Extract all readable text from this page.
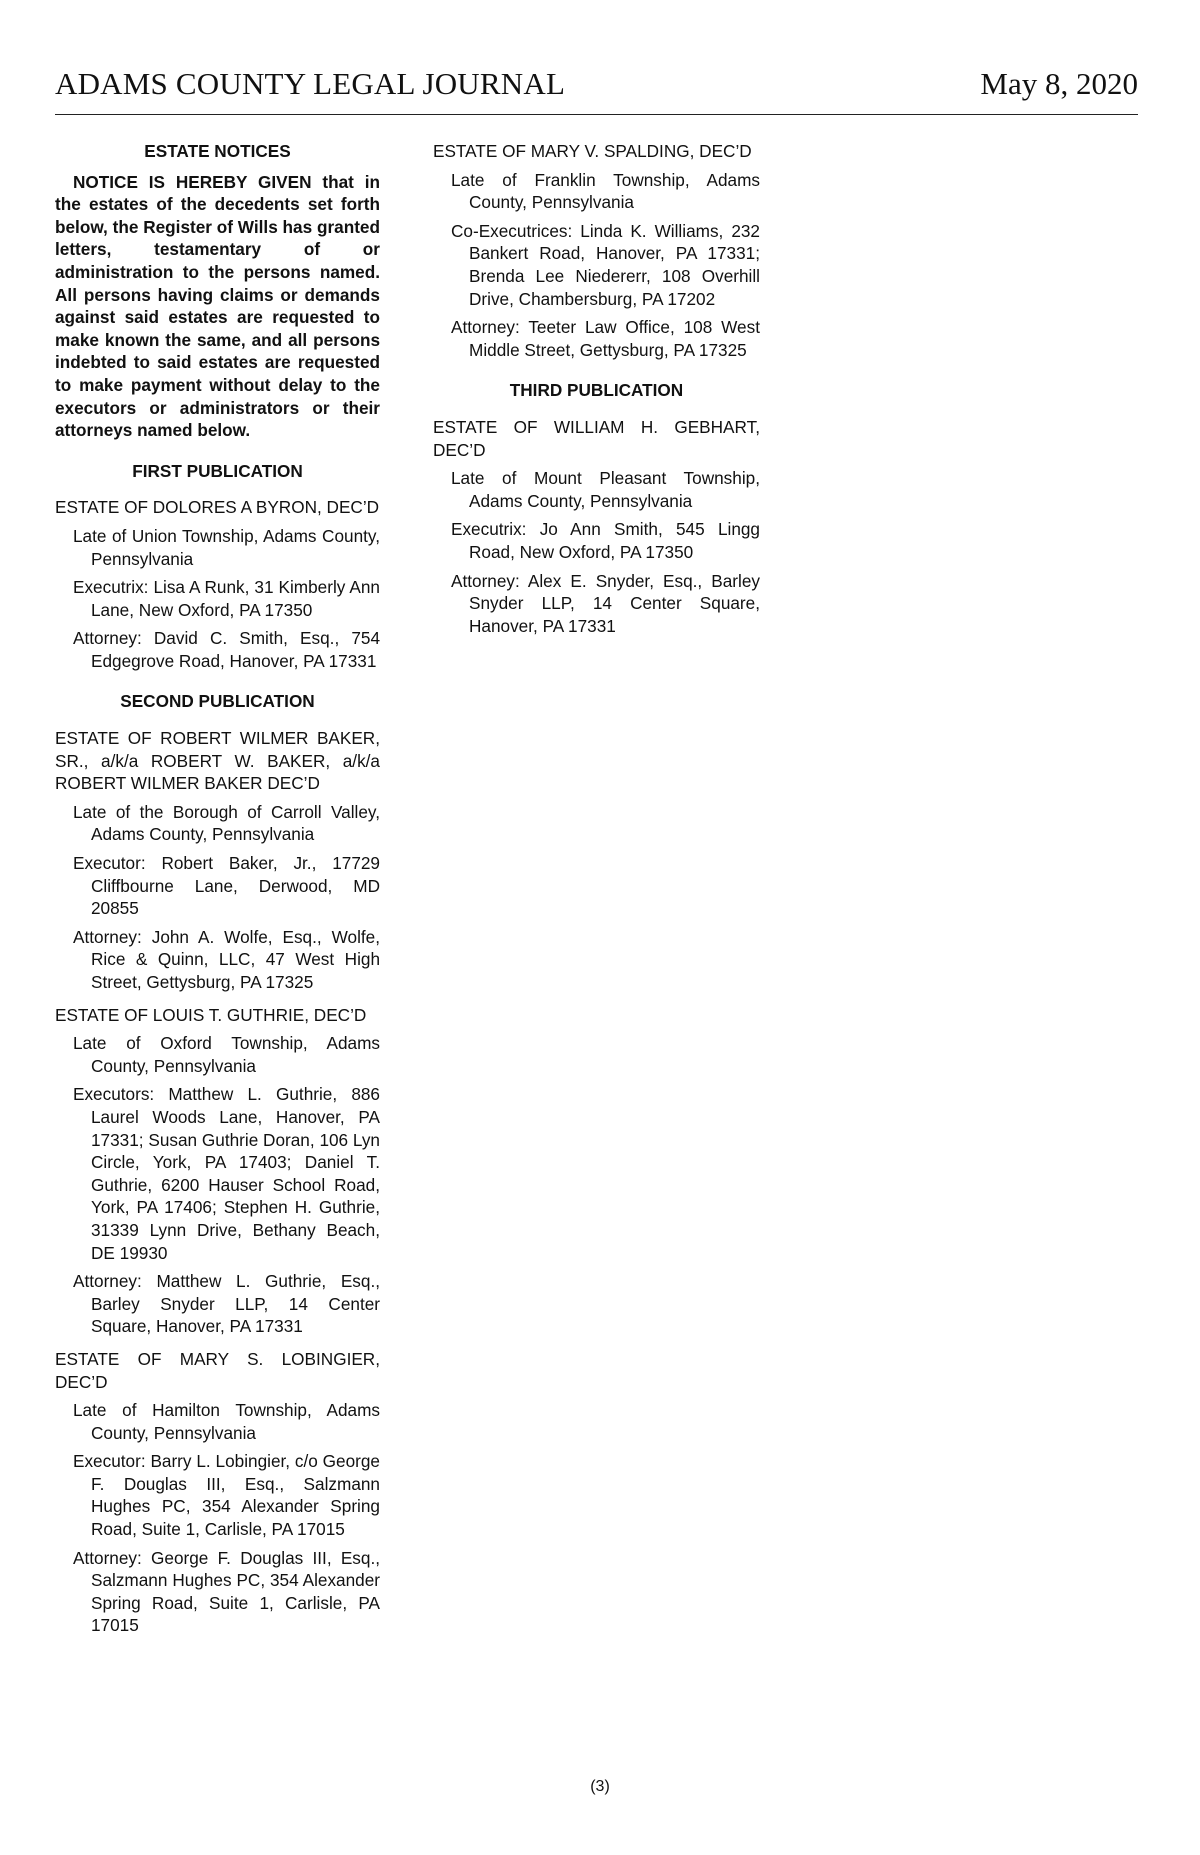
ADAMS COUNTY LEGAL JOURNAL	May 8, 2020
ESTATE NOTICES
NOTICE IS HEREBY GIVEN that in the estates of the decedents set forth below, the Register of Wills has granted letters, testamentary of or administration to the persons named. All persons having claims or demands against said estates are requested to make known the same, and all persons indebted to said estates are requested to make payment without delay to the executors or administrators or their attorneys named below.
FIRST PUBLICATION
ESTATE OF DOLORES A BYRON, DEC’D
Late of Union Township, Adams County, Pennsylvania
Executrix: Lisa A Runk, 31 Kimberly Ann Lane, New Oxford, PA 17350
Attorney: David C. Smith, Esq., 754 Edgegrove Road, Hanover, PA 17331
SECOND PUBLICATION
ESTATE OF ROBERT WILMER BAKER, SR., a/k/a ROBERT W. BAKER, a/k/a ROBERT WILMER BAKER DEC’D
Late of the Borough of Carroll Valley, Adams County, Pennsylvania
Executor: Robert Baker, Jr., 17729 Cliffbourne Lane, Derwood, MD 20855
Attorney: John A. Wolfe, Esq., Wolfe, Rice & Quinn, LLC, 47 West High Street, Gettysburg, PA 17325
ESTATE OF LOUIS T. GUTHRIE, DEC’D
Late of Oxford Township, Adams County, Pennsylvania
Executors: Matthew L. Guthrie, 886 Laurel Woods Lane, Hanover, PA 17331; Susan Guthrie Doran, 106 Lyn Circle, York, PA 17403; Daniel T. Guthrie, 6200 Hauser School Road, York, PA 17406; Stephen H. Guthrie, 31339 Lynn Drive, Bethany Beach, DE 19930
Attorney: Matthew L. Guthrie, Esq., Barley Snyder LLP, 14 Center Square, Hanover, PA 17331
ESTATE OF MARY S. LOBINGIER, DEC’D
Late of Hamilton Township, Adams County, Pennsylvania
Executor: Barry L. Lobingier, c/o George F. Douglas III, Esq., Salzmann Hughes PC, 354 Alexander Spring Road, Suite 1, Carlisle, PA 17015
Attorney: George F. Douglas III, Esq., Salzmann Hughes PC, 354 Alexander Spring Road, Suite 1, Carlisle, PA 17015
ESTATE OF MARY V. SPALDING, DEC’D
Late of Franklin Township, Adams County, Pennsylvania
Co-Executrices: Linda K. Williams, 232 Bankert Road, Hanover, PA 17331; Brenda Lee Niedererr, 108 Overhill Drive, Chambersburg, PA 17202
Attorney: Teeter Law Office, 108 West Middle Street, Gettysburg, PA 17325
THIRD PUBLICATION
ESTATE OF WILLIAM H. GEBHART, DEC’D
Late of Mount Pleasant Township, Adams County, Pennsylvania
Executrix: Jo Ann Smith, 545 Lingg Road, New Oxford, PA 17350
Attorney: Alex E. Snyder, Esq., Barley Snyder LLP, 14 Center Square, Hanover, PA 17331
(3)
